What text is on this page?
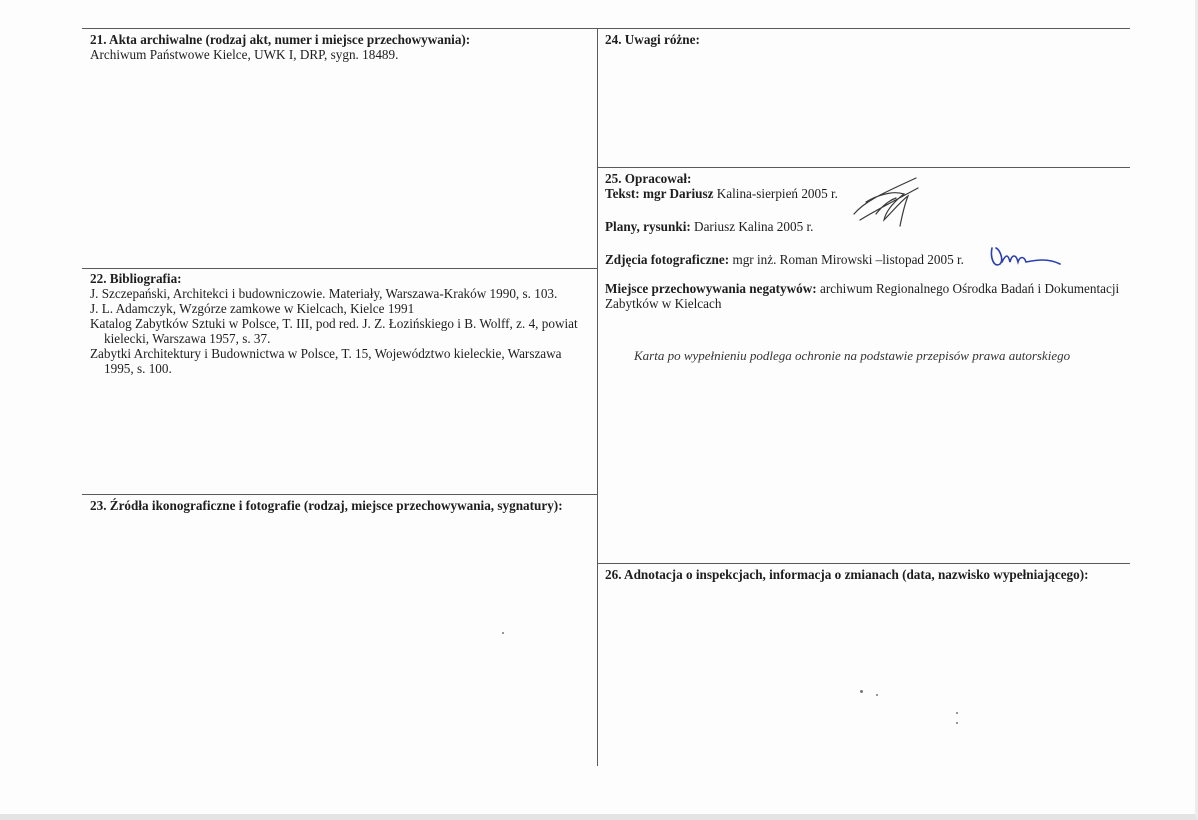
21. Akta archiwalne (rodzaj akt, numer i miejsce przechowywania):

Archiwum Państwowe Kielce, UWK I, DRP, sygn. 18489.

22. Bibliografia:

J. Szczepański, Architekci i budowniczowie. Materiały, Warszawa-Kraków 1990, s. 103.

J. L. Adamczyk, Wzgórze zamkowe w Kielcach, Kielce 1991

Katalog Zabytków Sztuki w Polsce, T. III, pod red. J. Z. Łozińskiego i B. Wolff, z. 4, powiat kielecki, Warszawa 1957, s. 37.

Zabytki Architektury i Budownictwa w Polsce, T. 15, Województwo kieleckie, Warszawa 1995, s. 100.

23. Źródła ikonograficzne i fotografie (rodzaj, miejsce przechowywania, sygnatury):

24. Uwagi różne:

25. Opracował:

Tekst: mgr Dariusz Kalina-sierpień 2005 r.

Plany, rysunki: Dariusz Kalina 2005 r.

Zdjęcia fotograficzne: mgr inż. Roman Mirowski –listopad 2005 r.

Miejsce przechowywania negatywów: archiwum Regionalnego Ośrodka Badań i Dokumentacji Zabytków w Kielcach

Karta po wypełnieniu podlega ochronie na podstawie przepisów prawa autorskiego

26. Adnotacja o inspekcjach, informacja o zmianach (data, nazwisko wypełniającego):
